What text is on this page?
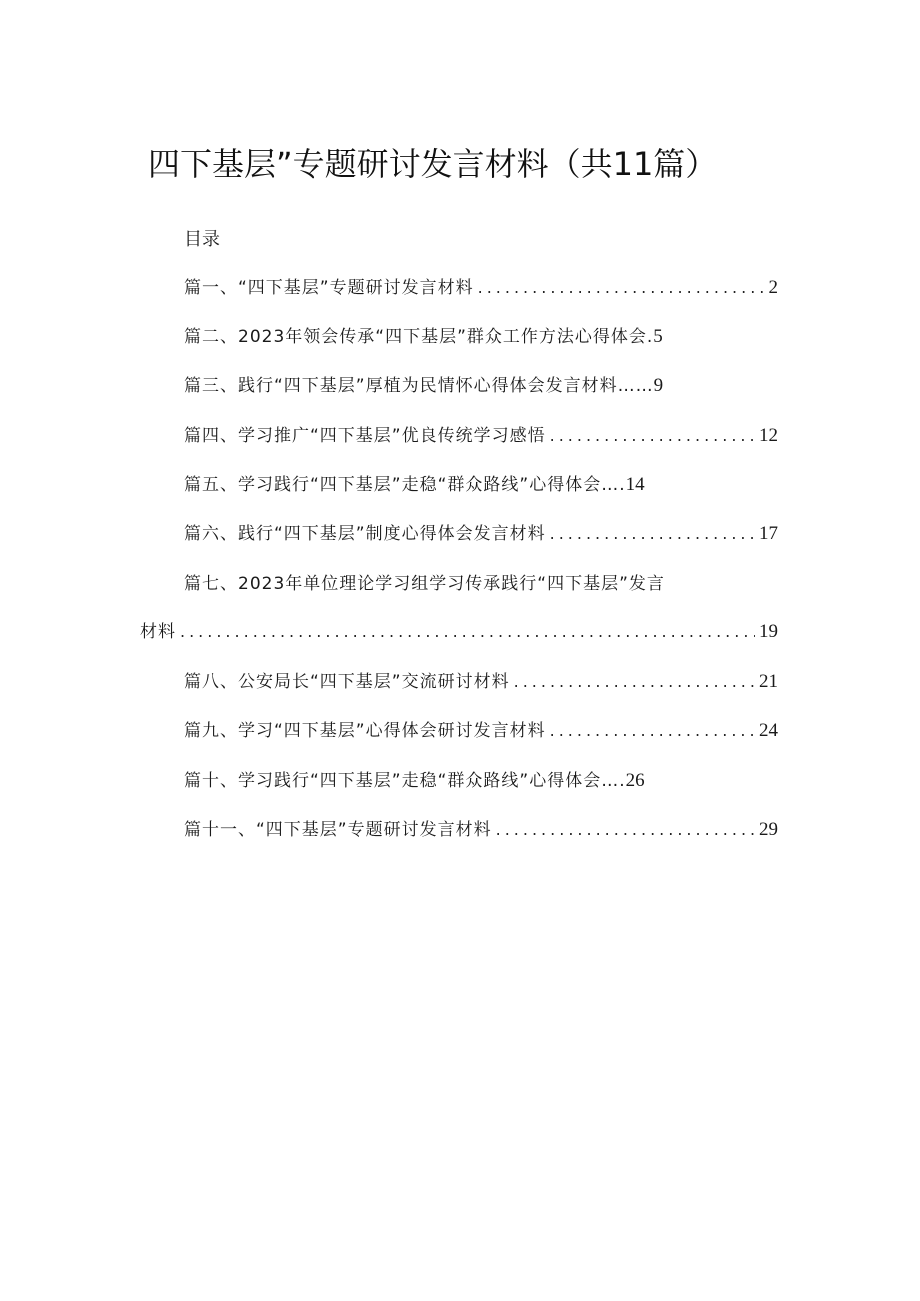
四下基层”专题研讨发言材料（共11篇）
目录
篇一、“四下基层”专题研讨发言材料 .....	2
篇二、2023年领会传承“四下基层”群众工作方法心得体会. 5
篇三、践行“四下基层”厚植为民情怀心得体会发言材料…… 9
篇四、学习推广“四下基层”优良传统学习感悟 .....	12
篇五、学习践行“四下基层”走稳“群众路线”心得体会…. 14
篇六、践行“四下基层”制度心得体会发言材料 .....	17
篇七、2023年单位理论学习组学习传承践行“四下基层”发言
材料 .....	19
篇八、公安局长“四下基层”交流研讨材料 .....	21
篇九、学习“四下基层”心得体会研讨发言材料 .....	24
篇十、学习践行“四下基层”走稳“群众路线”心得体会…. 26
篇十一、“四下基层”专题研讨发言材料 .....	29
